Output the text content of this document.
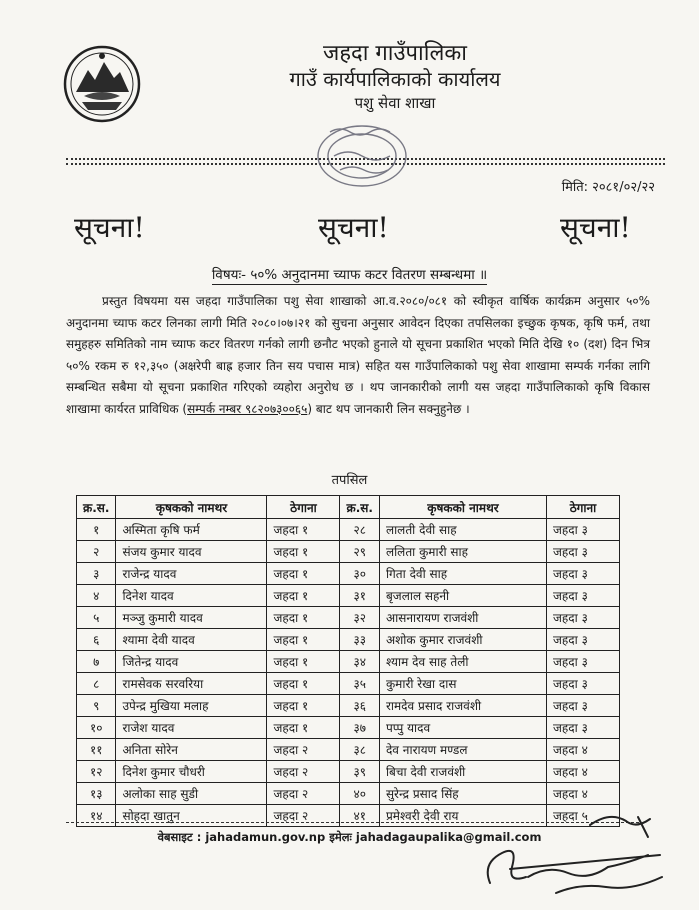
जहदा गाउँपालिका
गाउँ कार्यपालिकाको कार्यालय
पशु सेवा शाखा
मिति: २०८१/०२/२२
सूचना!	सूचना!	सूचना!
विषयः- ५०% अनुदानमा च्याफ कटर वितरण सम्बन्धमा ॥
प्रस्तुत विषयमा यस जहदा गाउँपालिका पशु सेवा शाखाको आ.व.२०८०/०८१ को स्वीकृत वार्षिक कार्यक्रम अनुसार ५०% अनुदानमा च्याफ कटर लिनका लागी मिति २०८०।०७।२१ को सुचना अनुसार आवेदन दिएका तपसिलका इच्छुक कृषक, कृषि फर्म, तथा समुहहरु समितिको नाम च्याफ कटर वितरण गर्नको लागी छनौट भएको हुनाले यो सूचना प्रकाशित भएको मिति देखि १० (दश) दिन भित्र ५०% रकम रु १२,३५० (अक्षरेपी बाह्र हजार तिन सय पचास मात्र) सहित यस गाउँपालिकाको पशु सेवा शाखामा सम्पर्क गर्नका लागि सम्बन्धित सबैमा यो सूचना प्रकाशित गरिएको व्यहोरा अनुरोध छ । थप जानकारीको लागी यस जहदा गाउँपालिकाको कृषि विकास शाखामा कार्यरत प्राविधिक (सम्पर्क नम्बर ९८२०७३००६५) बाट थप जानकारी लिन सक्नुहुनेछ ।
तपसिल
क्र.स.	कृषकको नामथर	ठेगाना	क्र.स.	कृषकको नामथर	ठेगाना
१	अस्मिता कृषि फर्म	जहदा १	२८	लालती देवी साह	जहदा ३
२	संजय कुमार यादव	जहदा १	२९	ललिता कुमारी साह	जहदा ३
३	राजेन्द्र यादव	जहदा १	३०	गिता देवी साह	जहदा ३
४	दिनेश यादव	जहदा १	३१	बृजलाल सहनी	जहदा ३
५	मञ्जु कुमारी यादव	जहदा १	३२	आसनारायण राजवंशी	जहदा ३
६	श्यामा देवी यादव	जहदा १	३३	अशोक कुमार राजवंशी	जहदा ३
७	जितेन्द्र यादव	जहदा १	३४	श्याम देव साह तेली	जहदा ३
८	रामसेवक सरवरिया	जहदा १	३५	कुमारी रेखा दास	जहदा ३
९	उपेन्द्र मुखिया मलाह	जहदा १	३६	रामदेव प्रसाद राजवंशी	जहदा ३
१०	राजेश यादव	जहदा १	३७	पप्पु यादव	जहदा ३
११	अनिता सोरेन	जहदा २	३८	देव नारायण मण्डल	जहदा ४
१२	दिनेश कुमार चौधरी	जहदा २	३९	बिचा देवी राजवंशी	जहदा ४
१३	अलोका साह सुडी	जहदा २	४०	सुरेन्द्र प्रसाद सिंह	जहदा ४
१४	सोहदा खातुन	जहदा २	४१	प्रमेश्वरी देवी राय	जहदा ५
वेबसाइट : jahadamun.gov.np इमेलः jahadagaupalika@gmail.com
